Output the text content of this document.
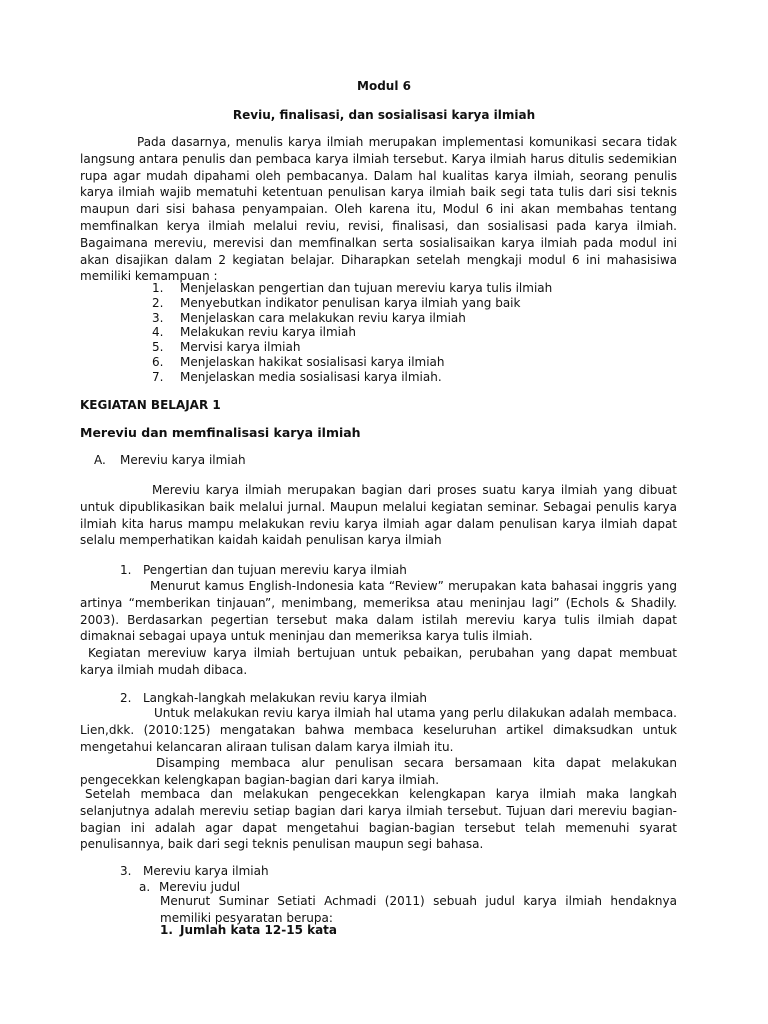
Modul 6
Reviu, finalisasi, dan sosialisasi karya ilmiah

Pada dasarnya, menulis karya ilmiah merupakan implementasi komunikasi secara tidak langsung antara penulis dan pembaca karya ilmiah tersebut. Karya ilmiah harus ditulis sedemikian rupa agar mudah dipahami oleh pembacanya. Dalam hal kualitas karya ilmiah, seorang penulis karya ilmiah wajib mematuhi ketentuan penulisan karya ilmiah baik segi tata tulis dari sisi teknis maupun dari sisi bahasa penyampaian. Oleh karena itu, Modul 6 ini akan membahas tentang memfinalkan kerya ilmiah melalui reviu, revisi, finalisasi, dan sosialisasi pada karya ilmiah. Bagaimana mereviu, merevisi dan memfinalkan serta sosialisaikan karya ilmiah pada modul ini akan disajikan dalam 2 kegiatan belajar. Diharapkan setelah mengkaji modul 6 ini mahasisiwa memiliki kemampuan :

1.	Menjelaskan pengertian dan tujuan mereviu karya tulis ilmiah
2.	Menyebutkan indikator penulisan karya ilmiah yang baik
3.	Menjelaskan cara melakukan reviu karya ilmiah
4.	Melakukan reviu karya ilmiah
5.	Mervisi karya ilmiah
6.	Menjelaskan hakikat sosialisasi karya ilmiah
7.	Menjelaskan media sosialisasi karya ilmiah.
KEGIATAN BELAJAR 1
Mereviu dan memfinalisasi karya ilmiah
A. Mereviu karya ilmiah

Mereviu karya ilmiah merupakan bagian dari proses suatu karya ilmiah yang dibuat untuk dipublikasikan baik melalui jurnal. Maupun melalui kegiatan seminar. Sebagai penulis karya ilmiah kita harus mampu melakukan reviu karya ilmiah agar dalam penulisan karya ilmiah dapat selalu memperhatikan kaidah kaidah penulisan karya ilmiah

1. Pengertian dan tujuan mereviu karya ilmiah

Menurut kamus English-Indonesia kata “Review” merupakan kata bahasai inggris yang artinya “memberikan tinjauan”, menimbang, memeriksa atau meninjau lagi” (Echols & Shadily. 2003). Berdasarkan pegertian tersebut maka dalam istilah mereviu karya tulis ilmiah dapat dimaknai sebagai upaya untuk meninjau dan memeriksa karya tulis ilmiah.

Kegiatan mereviuw karya ilmiah bertujuan untuk pebaikan, perubahan yang dapat membuat karya ilmiah mudah dibaca.

2. Langkah-langkah melakukan reviu karya ilmiah

Untuk melakukan reviu karya ilmiah hal utama yang perlu dilakukan adalah membaca. Lien,dkk. (2010:125) mengatakan bahwa membaca keseluruhan artikel dimaksudkan untuk mengetahui kelancaran aliraan tulisan dalam karya ilmiah itu.

Disamping membaca alur penulisan secara bersamaan kita dapat melakukan pengecekkan kelengkapan bagian-bagian dari karya ilmiah.

Setelah membaca dan melakukan pengecekkan kelengkapan karya ilmiah maka langkah selanjutnya adalah mereviu setiap bagian dari karya ilmiah tersebut. Tujuan dari mereviu bagian-bagian ini adalah agar dapat mengetahui bagian-bagian tersebut telah memenuhi syarat penulisannya, baik dari segi teknis penulisan maupun segi bahasa.

3. Mereviu karya ilmiah
a. Mereviu judul

Menurut Suminar Setiati Achmadi (2011) sebuah judul karya ilmiah hendaknya memiliki pesyaratan berupa:

1. Jumlah kata 12-15 kata
